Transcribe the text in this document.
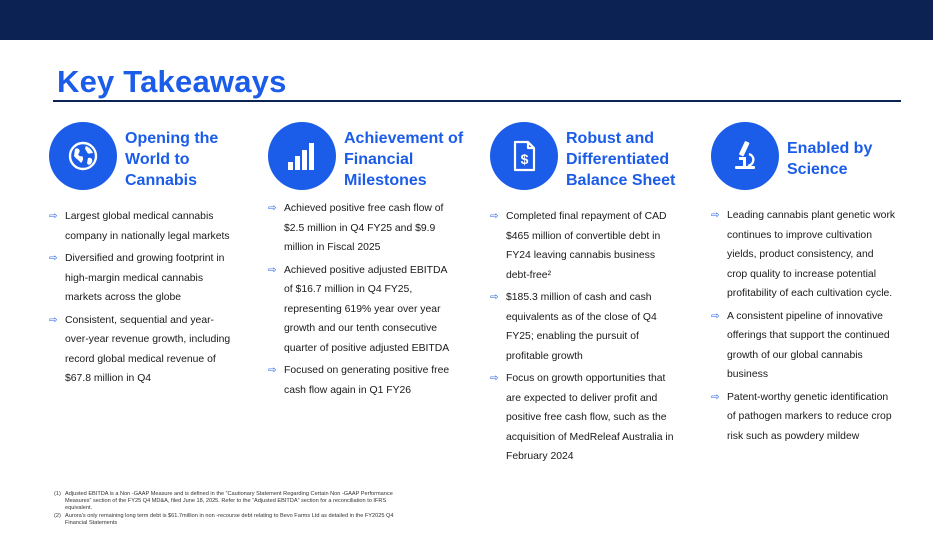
Key Takeaways
Opening the
World to
Cannabis
⇨ Largest global medical cannabis
company in nationally legal markets
⇨ Diversified and growing footprint in
high-margin medical cannabis
markets across the globe
⇨ Consistent, sequential and year-
over-year revenue growth, including
record global medical revenue of
$67.8 million in Q4
Achievement of
Financial
Milestones
⇨ Achieved positive free cash flow of
$2.5 million in Q4 FY25 and $9.9
million in Fiscal 2025
⇨ Achieved positive adjusted EBITDA
of $16.7 million in Q4 FY25,
representing 619% year over year
growth and our tenth consecutive
quarter of positive adjusted EBITDA
⇨ Focused on generating positive free
cash flow again in Q1 FY26
$
Robust and
Differentiated
Balance Sheet
⇨ Completed final repayment of CAD
$465 million of convertible debt in
FY24 leaving cannabis business
debt-free²
⇨ $185.3 million of cash and cash
equivalents as of the close of Q4
FY25; enabling the pursuit of
profitable growth
⇨ Focus on growth opportunities that
are expected to deliver profit and
positive free cash flow, such as the
acquisition of MedReleaf Australia in
February 2024
Enabled by
Science
⇨ Leading cannabis plant genetic work
continues to improve cultivation
yields, product consistency, and
crop quality to increase potential
profitability of each cultivation cycle.
⇨ A consistent pipeline of innovative
offerings that support the continued
growth of our global cannabis
business
⇨ Patent-worthy genetic identification
of pathogen markers to reduce crop
risk such as powdery mildew
(1) Adjusted EBITDA is a Non -GAAP Measure and is defined in the “Cautionary Statement Regarding Certain Non -GAAP Performance
Measures” section of the FY25 Q4 MD&A, filed June 18, 2025. Refer to the “Adjusted EBITDA” section for a reconciliation to IFRS
equivalent.
(2) Aurora's only remaining long term debt is $61.7million in non -recourse debt relating to Bevo Farms Ltd as detailed in the FY2025 Q4
Financial Statements
